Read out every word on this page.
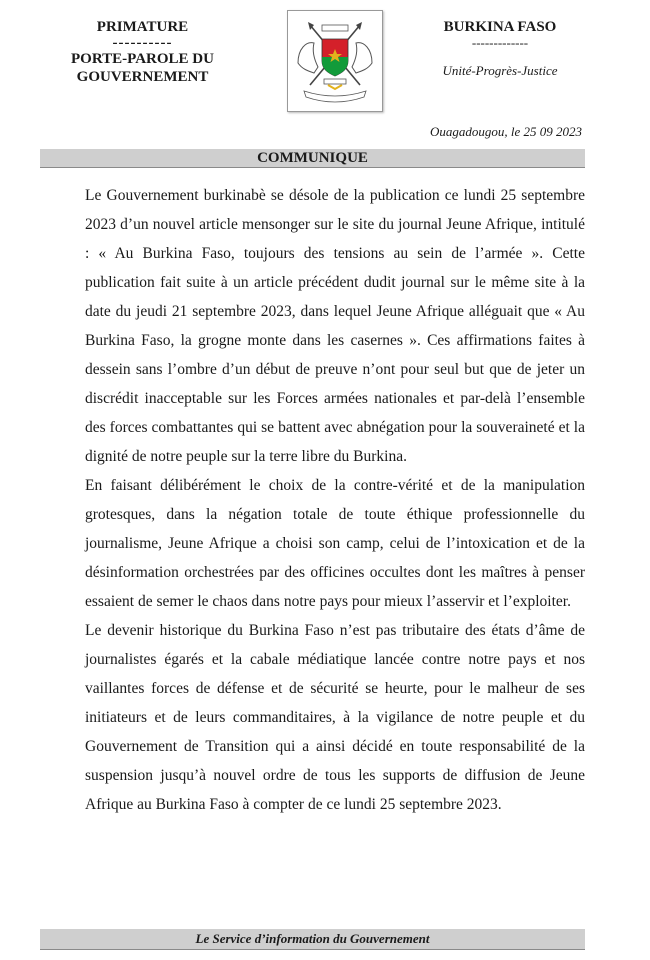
PRIMATURE
----------
PORTE-PAROLE DU
GOUVERNEMENT
BURKINA FASO
-------------
Unité-Progrès-Justice
Ouagadougou, le 25 09 2023
COMMUNIQUE

Le Gouvernement burkinabè se désole de la publication ce lundi 25 septembre 2023 d’un nouvel article mensonger sur le site du journal Jeune Afrique, intitulé : « Au Burkina Faso, toujours des tensions au sein de l’armée ». Cette publication fait suite à un article précédent dudit journal sur le même site à la date du jeudi 21 septembre 2023, dans lequel Jeune Afrique alléguait que « Au Burkina Faso, la grogne monte dans les casernes ». Ces affirmations faites à dessein sans l’ombre d’un début de preuve n’ont pour seul but que de jeter un discrédit inacceptable sur les Forces armées nationales et par-delà l’ensemble des forces combattantes qui se battent avec abnégation pour la souveraineté et la dignité de notre peuple sur la terre libre du Burkina.

En faisant délibérément le choix de la contre-vérité et de la manipulation grotesques, dans la négation totale de toute éthique professionnelle du journalisme, Jeune Afrique a choisi son camp, celui de l’intoxication et de la désinformation orchestrées par des officines occultes dont les maîtres à penser essaient de semer le chaos dans notre pays pour mieux l’asservir et l’exploiter.

Le devenir historique du Burkina Faso n’est pas tributaire des états d’âme de journalistes égarés et la cabale médiatique lancée contre notre pays et nos vaillantes forces de défense et de sécurité se heurte, pour le malheur de ses initiateurs et de leurs commanditaires, à la vigilance de notre peuple et du Gouvernement de Transition qui a ainsi décidé en toute responsabilité de la suspension jusqu’à nouvel ordre de tous les supports de diffusion de Jeune Afrique au Burkina Faso à compter de ce lundi 25 septembre 2023.

Le Service d’information du Gouvernement
